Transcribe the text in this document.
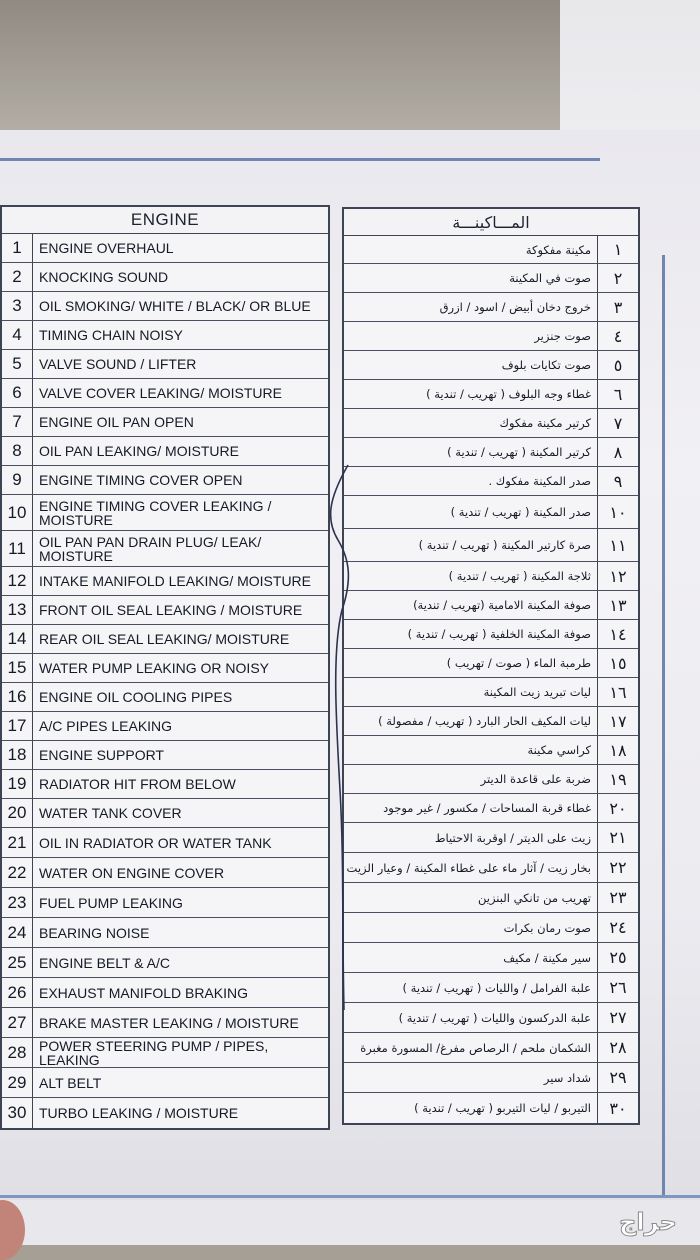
ENGINE
1	ENGINE OVERHAUL
2	KNOCKING SOUND
3	OIL SMOKING/ WHITE / BLACK/ OR BLUE
4	TIMING CHAIN NOISY
5	VALVE SOUND / LIFTER
6	VALVE COVER LEAKING/ MOISTURE
7	ENGINE OIL PAN OPEN
8	OIL PAN LEAKING/ MOISTURE
9	ENGINE TIMING COVER OPEN
10 ENGINE TIMING COVER LEAKING /
MOISTURE
11 OIL PAN PAN DRAIN PLUG/ LEAK/
MOISTURE
12 INTAKE MANIFOLD LEAKING/ MOISTURE
13 FRONT OIL SEAL LEAKING / MOISTURE
14 REAR OIL SEAL LEAKING/ MOISTURE
15 WATER PUMP LEAKING OR NOISY
16 ENGINE OIL COOLING PIPES
17 A/C PIPES LEAKING
18 ENGINE SUPPORT
19 RADIATOR HIT FROM BELOW
20 WATER TANK COVER
21 OIL IN RADIATOR OR WATER TANK
22 WATER ON ENGINE COVER
23 FUEL PUMP LEAKING
24 BEARING NOISE
25 ENGINE BELT & A/C
26 EXHAUST MANIFOLD BRAKING
27 BRAKE MASTER LEAKING / MOISTURE
28 POWER STEERING PUMP / PIPES, LEAKING
29 ALT BELT
30 TURBO LEAKING / MOISTURE
المـــاكينـــة
١
مكينة مفكوكة
٢
صوت في المكينة
٣
خروج دخان أبيض / اسود / ازرق
٤
صوت جنزير
٥
صوت تكايات بلوف
٦
غطاء وجه البلوف ( تهريب / تندية )
٧
كرتير مكينة مفكوك
٨
كرتير المكينة ( تهريب / تندية )
٩
صدر المكينة مفكوك .
١٠
صدر المكينة ( تهريب / تندية )
١١
صرة كارتير المكينة ( تهريب / تندية )
١٢
ثلاجة المكينة ( تهريب / تندية )
١٣
صوفة المكينة الامامية (تهريب / تندية)
١٤
صوفة المكينة الخلفية ( تهريب / تندية )
١٥
طرمبة الماء ( صوت / تهريب )
١٦
ليات تبريد زيت المكينة
١٧
ليات المكيف الحار البارد ( تهريب / مفصولة )
١٨
كراسي مكينة
١٩
ضربة على قاعدة الديتر
٢٠
غطاء قربة المساحات / مكسور / غير موجود
٢١
زيت على الديتر / اوقربة الاحتياط
٢٢
بخار زيت / آثار ماء على غطاء المكينة / وعيار الزيت
٢٣
تهريب من تانكي البنزين
٢٤
صوت رمان بكرات
٢٥
سير مكينة / مكيف
٢٦
علبة الفرامل / والليات ( تهريب / تندية )
٢٧
علبة الدركسون والليات ( تهريب / تندية )
٢٨
الشكمان ملحم / الرصاص مفرغ/ المسورة مغبرة
٢٩
شداد سير
٣٠
التيربو / ليات التيربو ( تهريب / تندية )
حراج
